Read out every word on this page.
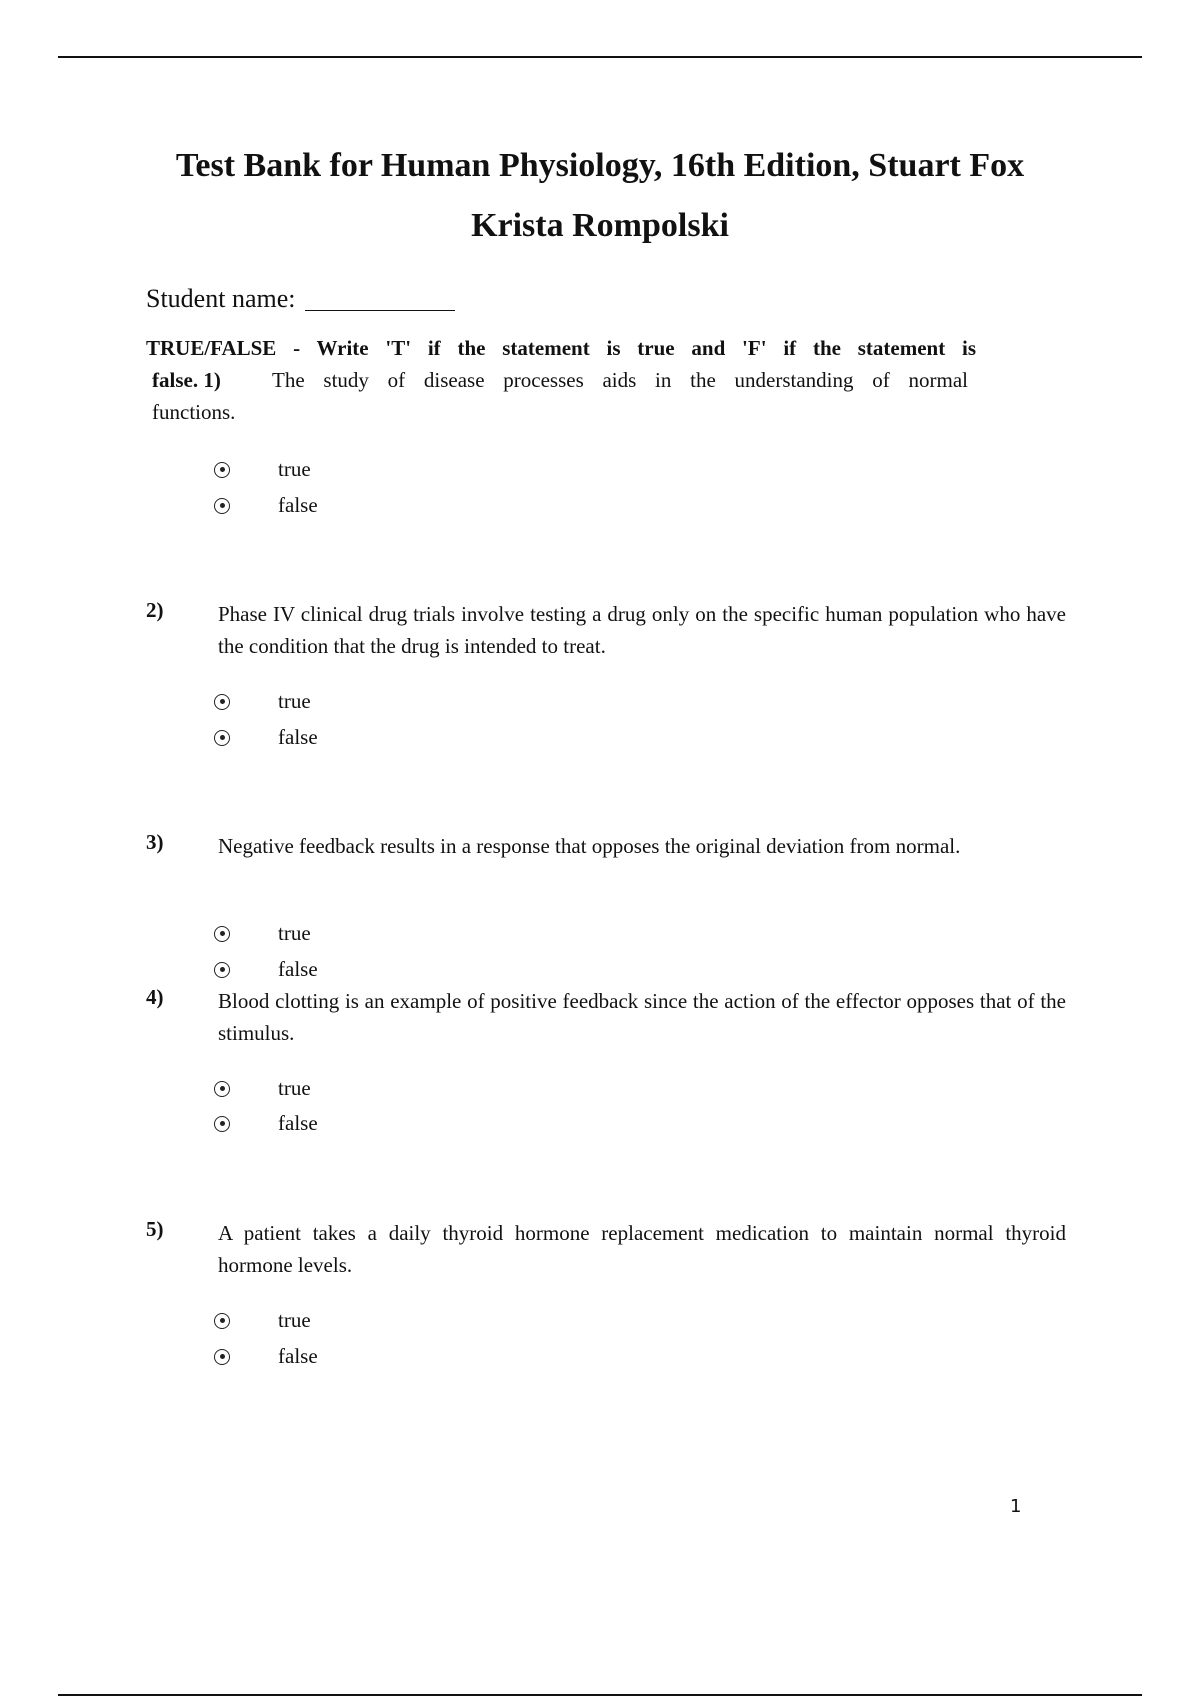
Test Bank for Human Physiology, 16th Edition, Stuart Fox
Krista Rompolski
Student name:
TRUE/FALSE - Write 'T' if the statement is true and 'F' if the statement is
false. 1)	The study of disease processes aids in the understanding of normal
functions.
true
false
2)	Phase IV clinical drug trials involve testing a drug only on the specific human population who have the condition that the drug is intended to treat.
true
false
3)	Negative feedback results in a response that opposes the original deviation from normal.
true
false
4)	Blood clotting is an example of positive feedback since the action of the effector opposes that of the stimulus.
true
false
5)	A patient takes a daily thyroid hormone replacement medication to maintain normal thyroid hormone levels.
true
false
1
